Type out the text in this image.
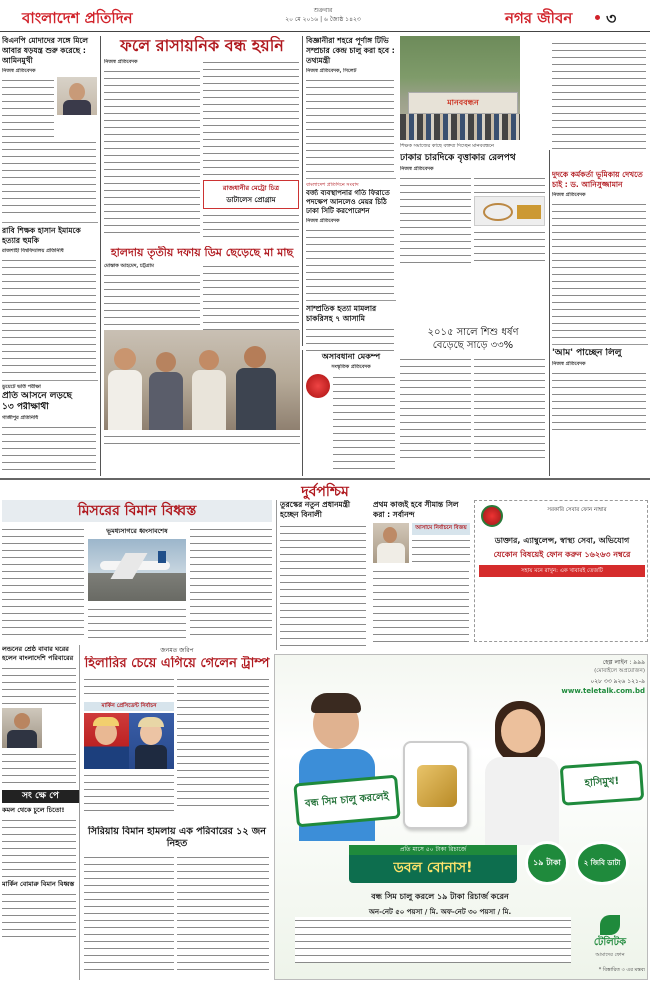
বাংলাদেশ প্রতিদিন	শুক্রবার
২০ মে ২০১৬ | ৬ জ্যৈষ্ঠ ১৪২৩	নগর জীবন ৩
বিএনপি মোদাদের সঙ্গে মিলে আবার ষড়যন্ত্র শুরু করেছে : আমিনমুখী
নিজস্ব প্রতিবেদক
রাবি শিক্ষক হাসান ইমামকে হত্যার হুমকি
রাজশাহী বিশ্ববিদ্যালয় প্রতিনিধি
ডুয়েটে ভর্তি পরীক্ষা
প্রতি আসনে লড়ছে
১৩ পরীক্ষার্থী
গাজীপুর প্রতিনিধি
ফলে রাসায়নিক বন্ধ হয়নি
নিজস্ব প্রতিবেদক
রাজধানীর মেট্রো চিত্র
ডাটালেস প্রোগ্রাম
হালদায় তৃতীয় দফায় ডিম ছেড়েছে মা মাছ
মোস্তাক আহমেদ, চট্টগ্রাম
বিজ্ঞানীরা শহরে পূর্ণাঙ্গ টিভি সম্প্রচার কেন্দ্র চালু করা হবে : তথ্যমন্ত্রী
নিজস্ব প্রতিবেদক, সিলেট
বাংলাদেশ প্রতিদিনে সংবাদ
বর্জ্য ব্যবস্থাপনার গতি ফিরাতে পদক্ষেপ আনলেও মেয়র চিঠি ঢাকা সিটি করপোরেশন
নিজস্ব প্রতিবেদক
সাম্প্রতিক হত্যা মামলার চাকরিসহ ৭ আসামি
মানববন্ধন
শিক্ষক সমাজের কাছে বক্তব্য দিচ্ছেন মানববন্ধনে
দুদকে কর্মকর্তা ভূমিকায় দেখতে চাই : ড. আনিসুজ্জামান
নিজস্ব প্রতিবেদক
'আম' পাচ্ছেন লিলু
নিজস্ব প্রতিবেদক
ঢাকার চারদিকে বৃত্তাকার রেলপথ
নিজস্ব প্রতিবেদক
অসাবধানা মেকম্প
সংস্কৃতিক প্রতিবেদক
২০১৫ সালে শিশু ধর্ষণ
বেড়েছে সাড়ে ৩৩%
দুর্বপশ্চিম
মিসরের বিমান বিধ্বস্ত
ভূমধ্যসাগরে ধ্বংসাবশেষ
তুরস্কের নতুন প্রধানমন্ত্রী হচ্ছেন বিনালী
প্রথম কাজই হবে সীমান্ত সিল করা : সর্বানন্দ
আসামে নির্বাচনে বিজয়
সরকারি সেবার ফোন নাম্বার
ডাক্তার, এ্যাম্বুলেন্স, স্বাস্থ্য সেবা, অভিযোগ
যেকোন বিষয়েই ফোন করুন ১৬২৬৩ নম্বরে
সহায় মনে রাখুন: এক খাবারই তেজটি
লন্ডনের শ্রেষ্ঠ বাবার ঘরের হলেন বাংলাদেশি পরিবারের
সং ক্ষে পে
কমল থেকে চুলে চিতো!
মার্কিন বোমারু বিমান বিধ্বস্ত
জনমত জরিপ
হিলারির চেয়ে এগিয়ে গেলেন ট্রাম্প
মার্কিন প্রেসিডেন্ট নির্বাচন
সিরিয়ায় বিমান হামলায় এক পরিবারের ১২ জন নিহত
হেল্প লাইন : ৯৯৯
(মোবাইলে অপ্রয়োজন)
০২৮ ৩৩ ৯২৬ ১২১-৯
www.teletalk.com.bd
বন্ধ সিম চালু করলেই
হাসিমুখ!
প্রতি মাসে ৫০ টাকা রিচার্জে
ডবল বোনাস!	১৯ টাকা	২ জিবি ডাটা
বন্ধ সিম চালু করলে ১৯ টাকা রিচার্জ করেন
অন-নেট ৫০ পয়সা / মি. অফ-নেট ৩০ পয়সা / মি.
টেলিটক
আমাদের ফোন
* বিস্তারিত ৩ এর মন্তব্য
